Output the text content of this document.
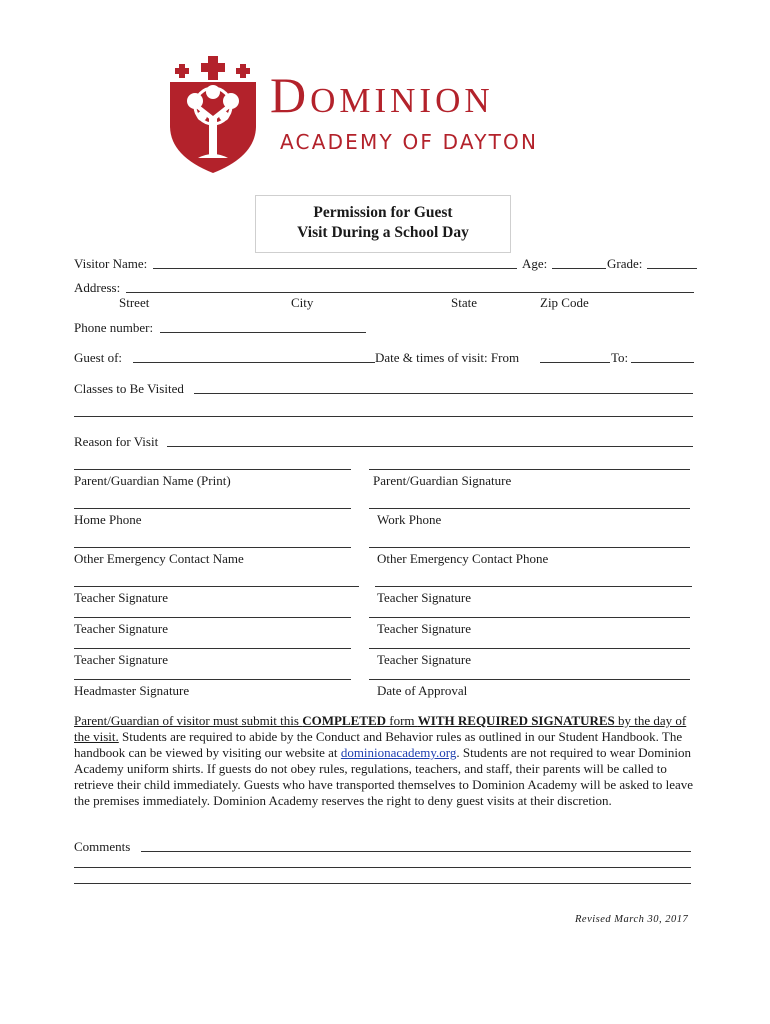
Dominion
ACADEMY OF DAYTON
Permission for Guest
Visit During a School Day
Visitor Name:	Age:	Grade:
Address:
Street	City	State	Zip Code
Phone number:
Guest of:	Date & times of visit: From	To:
Classes to Be Visited
Reason for Visit
Parent/Guardian Name (Print)	Parent/Guardian Signature
Home Phone	Work Phone
Other Emergency Contact Name	Other Emergency Contact Phone
Teacher Signature	Teacher Signature
Teacher Signature	Teacher Signature
Teacher Signature	Teacher Signature
Headmaster Signature	Date of Approval
Parent/Guardian of visitor must submit this COMPLETED form WITH REQUIRED SIGNATURES by the day of the visit. Students are required to abide by the Conduct and Behavior rules as outlined in our Student Handbook. The handbook can be viewed by visiting our website at dominionacademy.org. Students are not required to wear Dominion Academy uniform shirts. If guests do not obey rules, regulations, teachers, and staff, their parents will be called to retrieve their child immediately. Guests who have transported themselves to Dominion Academy will be asked to leave the premises immediately. Dominion Academy reserves the right to deny guest visits at their discretion.
Comments
Revised March 30, 2017
